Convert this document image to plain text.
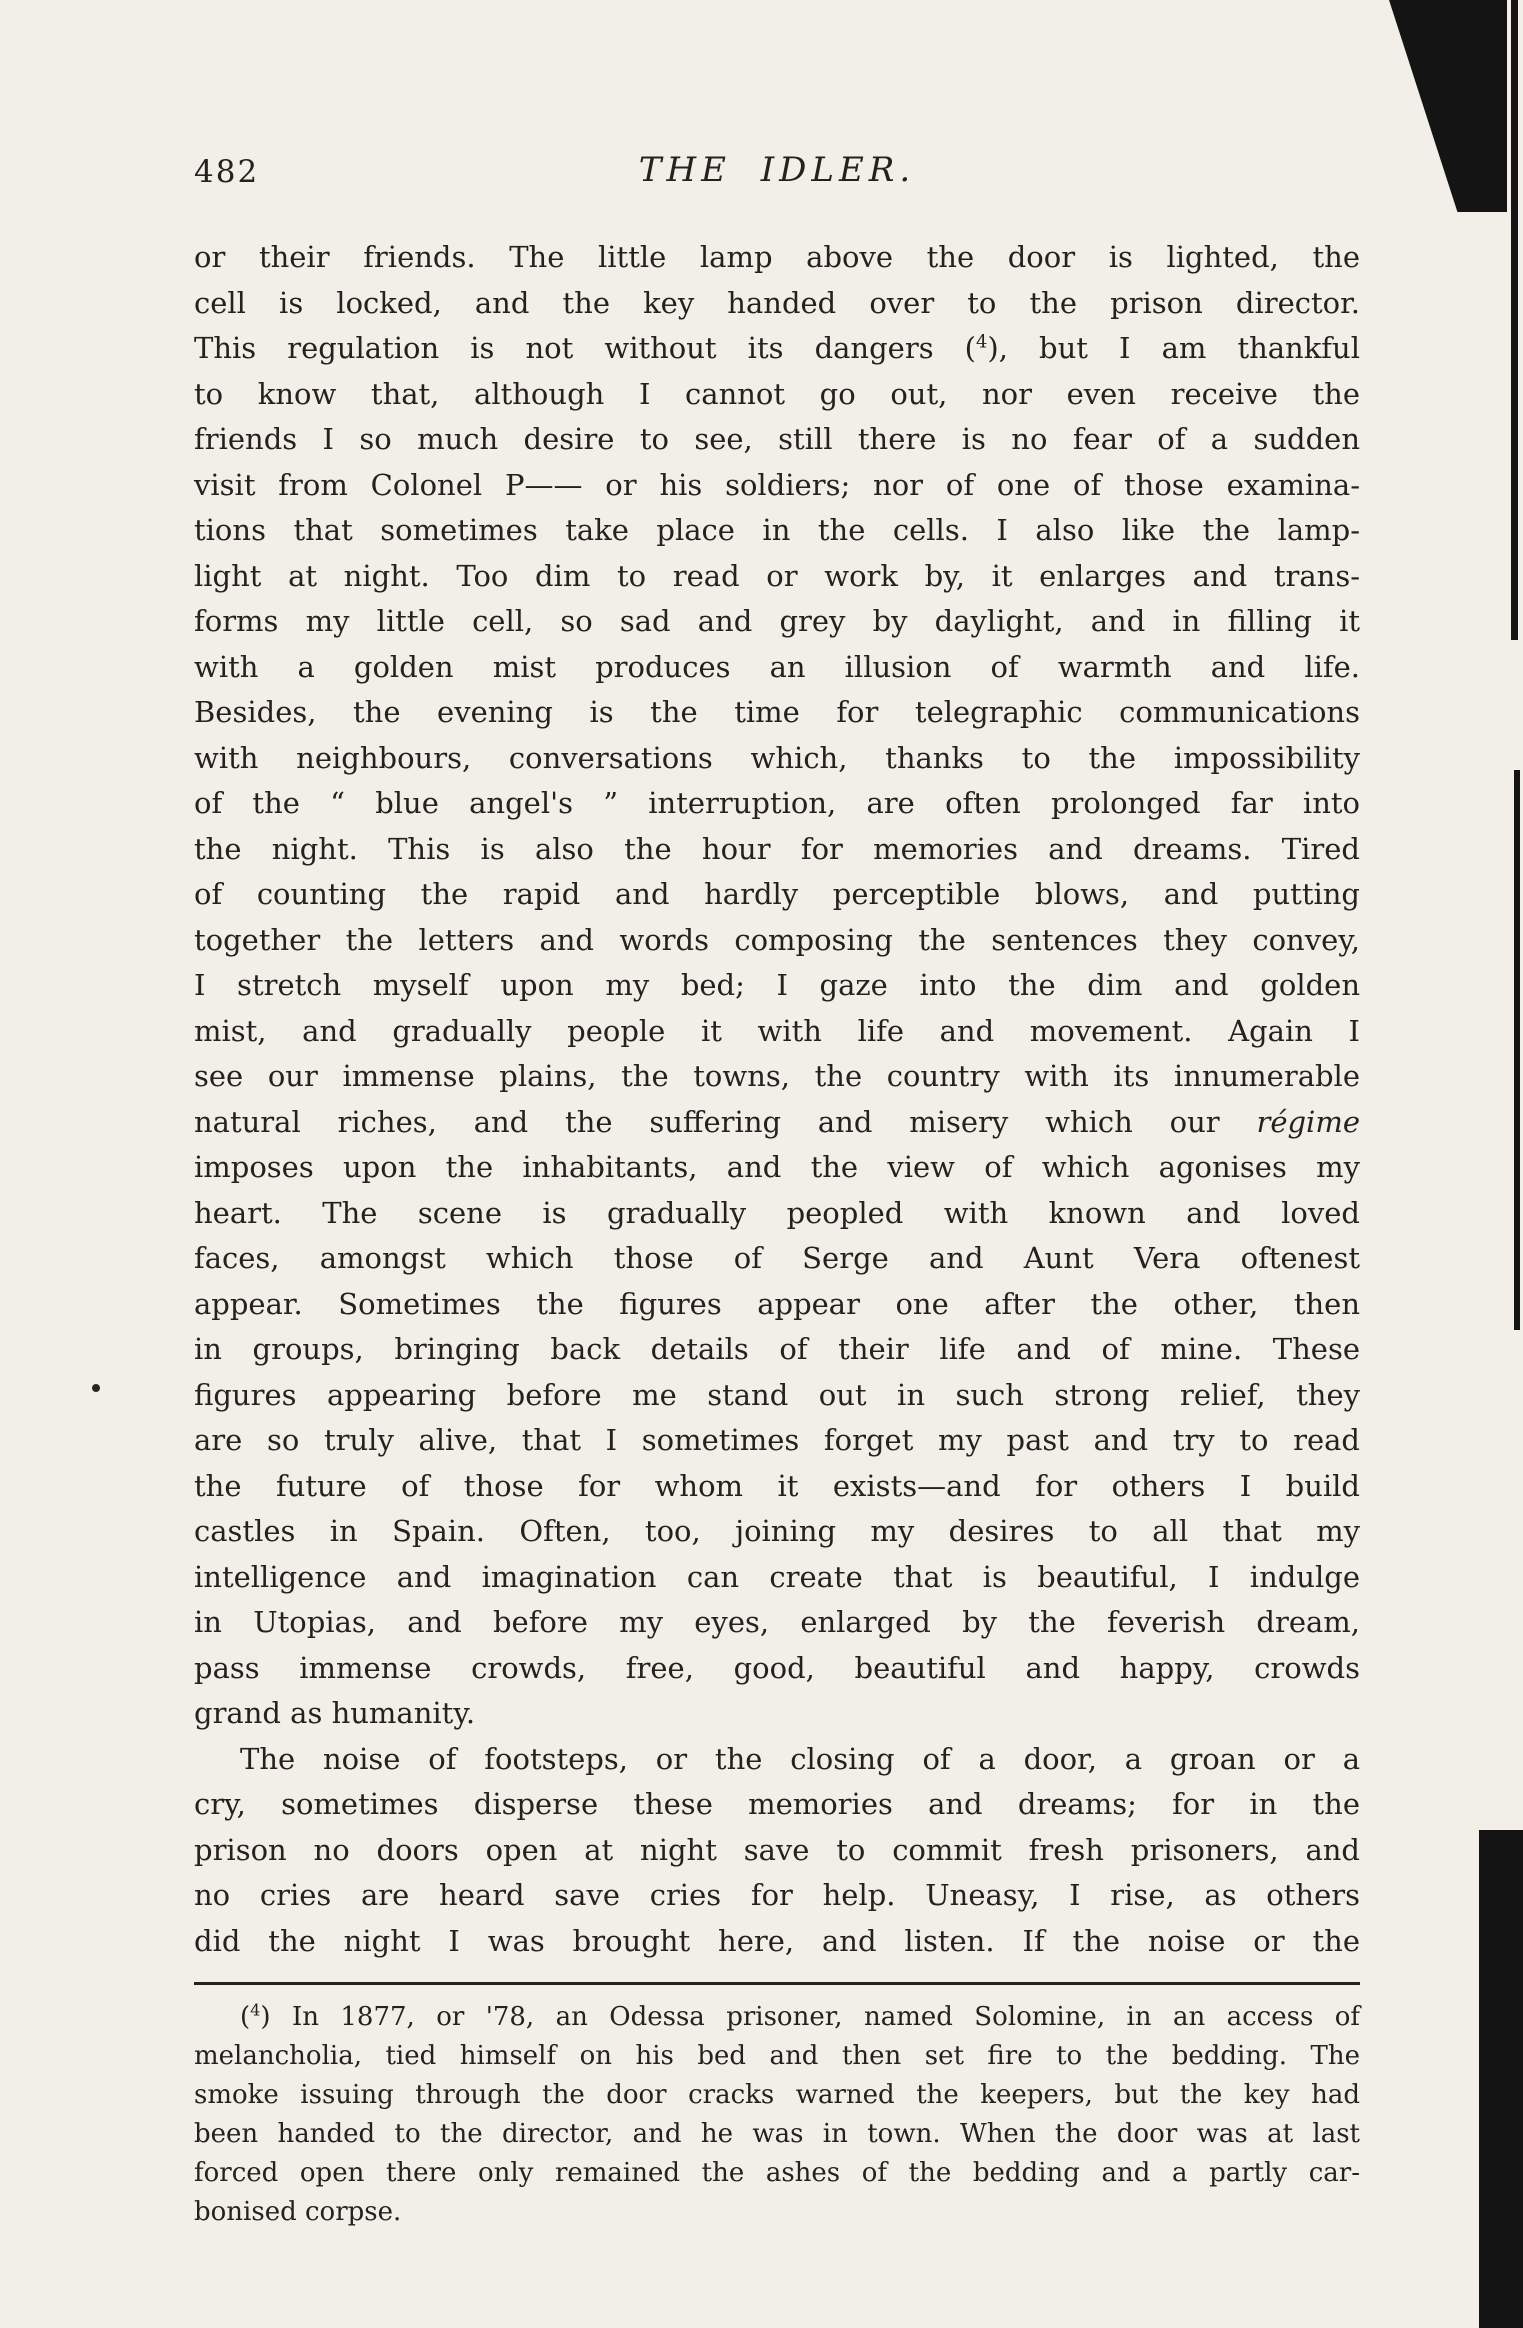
482	THE IDLER.
or their friends. The little lamp above the door is lighted, the
cell is locked, and the key handed over to the prison director.
This regulation is not without its dangers ($^4$), but I am thankful
to know that, although I cannot go out, nor even receive the
friends I so much desire to see, still there is no fear of a sudden
visit from Colonel P—— or his soldiers; nor of one of those examina-
tions that sometimes take place in the cells. I also like the lamp-
light at night. Too dim to read or work by, it enlarges and trans-
forms my little cell, so sad and grey by daylight, and in filling it
with a golden mist produces an illusion of warmth and life.
Besides, the evening is the time for telegraphic communications
with neighbours, conversations which, thanks to the impossibility
of the “ blue angel's ” interruption, are often prolonged far into
the night. This is also the hour for memories and dreams. Tired
of counting the rapid and hardly perceptible blows, and putting
together the letters and words composing the sentences they convey,
I stretch myself upon my bed; I gaze into the dim and golden
mist, and gradually people it with life and movement. Again I
see our immense plains, the towns, the country with its innumerable
natural riches, and the suffering and misery which our régime
imposes upon the inhabitants, and the view of which agonises my
heart. The scene is gradually peopled with known and loved
faces, amongst which those of Serge and Aunt Vera oftenest
appear. Sometimes the figures appear one after the other, then
in groups, bringing back details of their life and of mine. These
figures appearing before me stand out in such strong relief, they
are so truly alive, that I sometimes forget my past and try to read
the future of those for whom it exists—and for others I build
castles in Spain. Often, too, joining my desires to all that my
intelligence and imagination can create that is beautiful, I indulge
in Utopias, and before my eyes, enlarged by the feverish dream,
pass immense crowds, free, good, beautiful and happy, crowds
grand as humanity.
The noise of footsteps, or the closing of a door, a groan or a
cry, sometimes disperse these memories and dreams; for in the
prison no doors open at night save to commit fresh prisoners, and
no cries are heard save cries for help. Uneasy, I rise, as others
did the night I was brought here, and listen. If the noise or the
($^4$) In 1877, or '78, an Odessa prisoner, named Solomine, in an access of
melancholia, tied himself on his bed and then set fire to the bedding. The
smoke issuing through the door cracks warned the keepers, but the key had
been handed to the director, and he was in town. When the door was at last
forced open there only remained the ashes of the bedding and a partly car-
bonised corpse.
